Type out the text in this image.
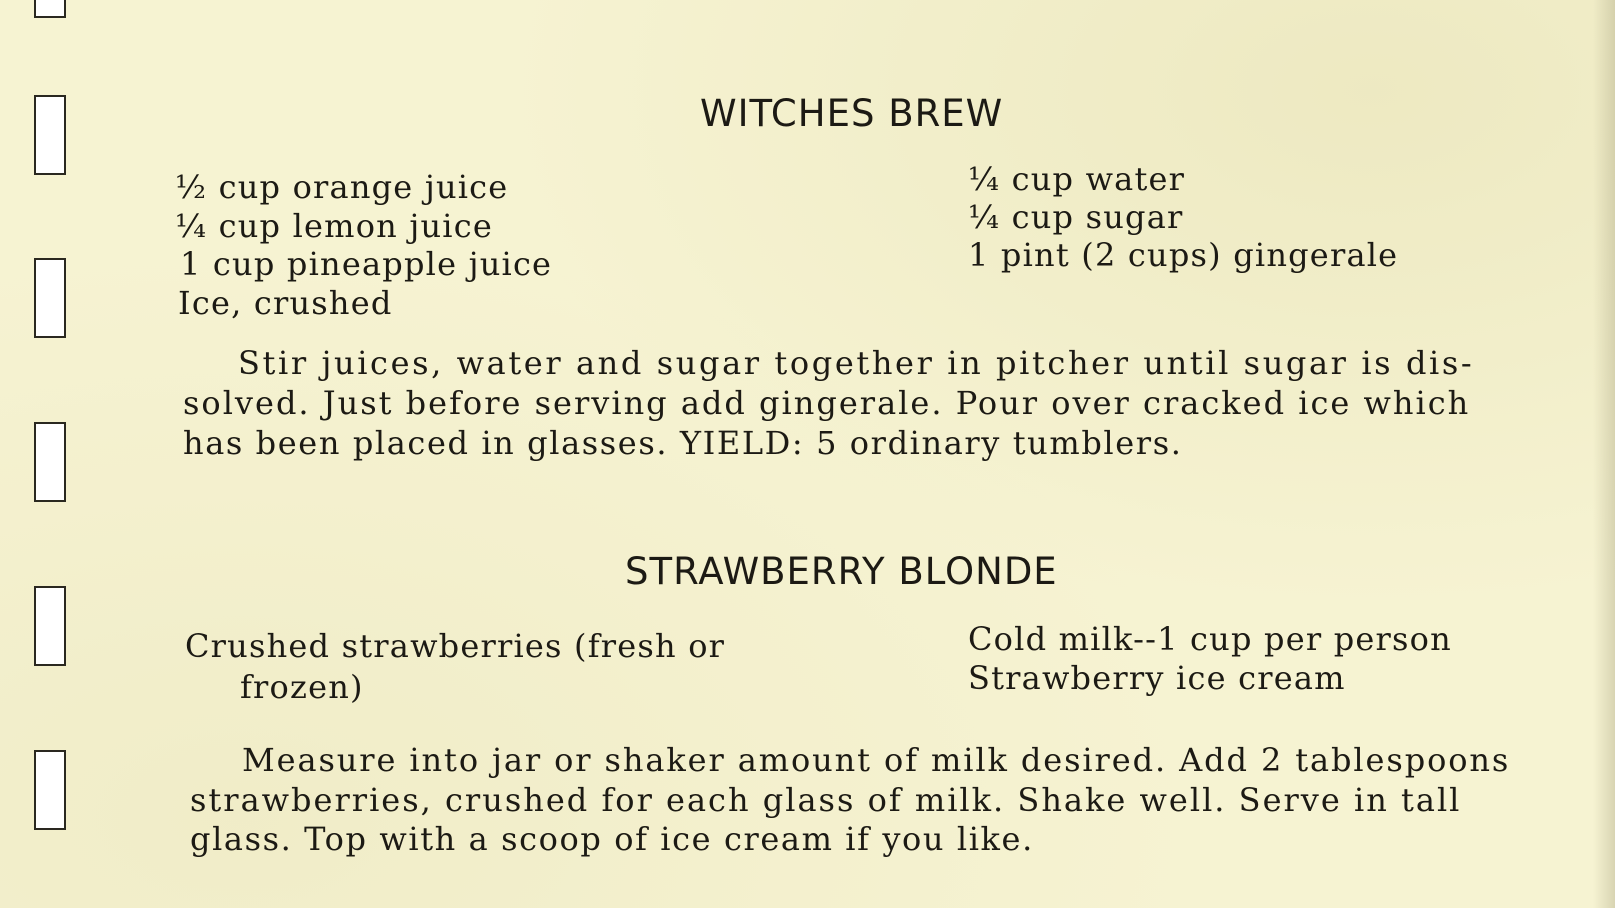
WITCHES BREW
½ cup orange juice
¼ cup lemon juice
1 cup pineapple juice
Ice, crushed
¼ cup water
¼ cup sugar
1 pint (2 cups) gingerale
Stir juices, water and sugar together in pitcher until sugar is dis-
solved. Just before serving add gingerale. Pour over cracked ice which
has been placed in glasses. YIELD: 5 ordinary tumblers.
STRAWBERRY BLONDE
Crushed strawberries (fresh or
frozen)
Cold milk--1 cup per person
Strawberry ice cream
Measure into jar or shaker amount of milk desired. Add 2 tablespoons
strawberries, crushed for each glass of milk. Shake well. Serve in tall
glass. Top with a scoop of ice cream if you like.
